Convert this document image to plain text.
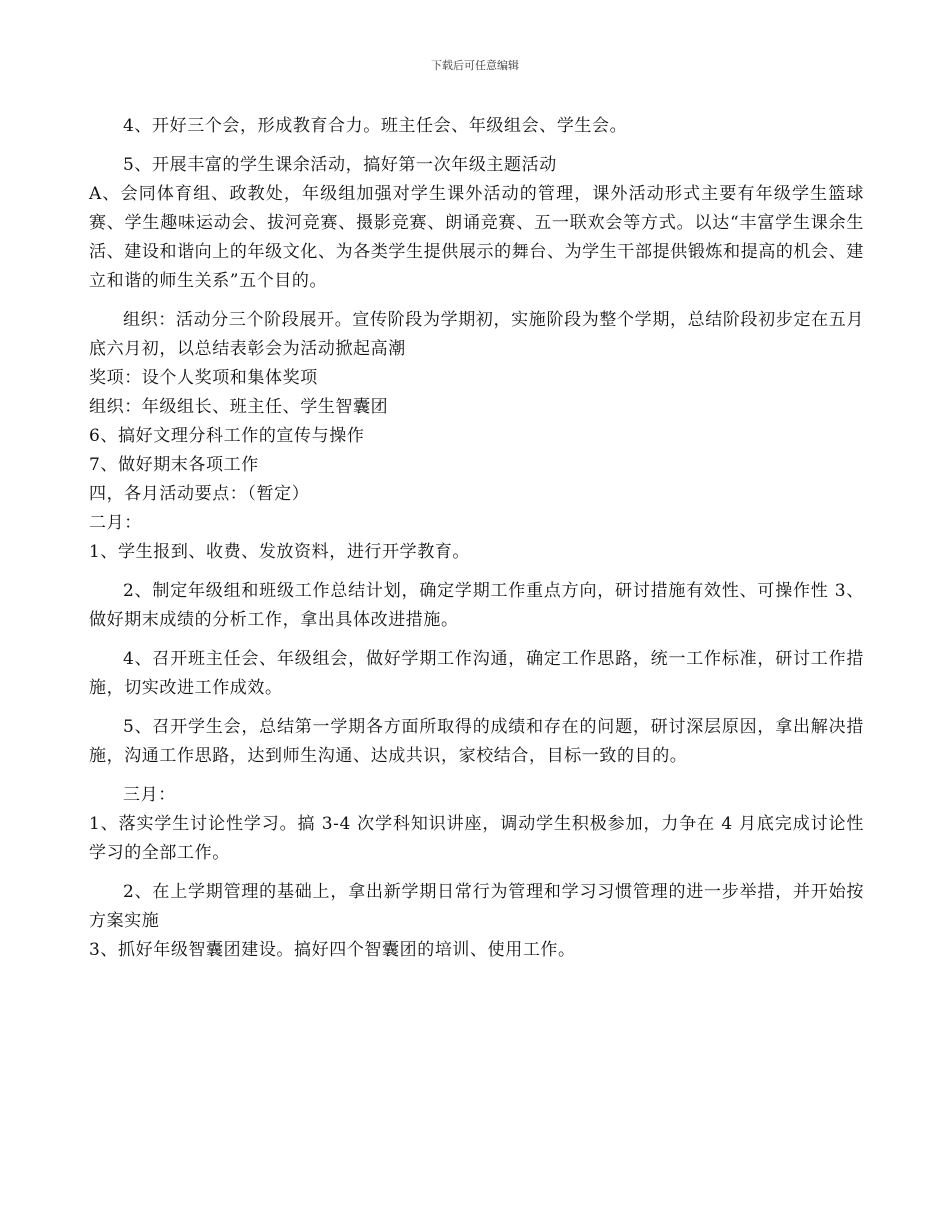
下载后可任意编辑

4、开好三个会，形成教育合力。班主任会、年级组会、学生会。

5、开展丰富的学生课余活动，搞好第一次年级主题活动

A、会同体育组、政教处，年级组加强对学生课外活动的管理，课外活动形式主要有年级学生篮球赛、学生趣味运动会、拔河竞赛、摄影竞赛、朗诵竞赛、五一联欢会等方式。以达“丰富学生课余生活、建设和谐向上的年级文化、为各类学生提供展示的舞台、为学生干部提供锻炼和提高的机会、建立和谐的师生关系”五个目的。

组织：活动分三个阶段展开。宣传阶段为学期初，实施阶段为整个学期，总结阶段初步定在五月底六月初，以总结表彰会为活动掀起高潮

奖项：设个人奖项和集体奖项

组织：年级组长、班主任、学生智囊团

6、搞好文理分科工作的宣传与操作

7、做好期末各项工作

四，各月活动要点：（暂定）

二月：

1、学生报到、收费、发放资料，进行开学教育。

2、制定年级组和班级工作总结计划，确定学期工作重点方向，研讨措施有效性、可操作性 3、做好期末成绩的分析工作，拿出具体改进措施。

4、召开班主任会、年级组会，做好学期工作沟通，确定工作思路，统一工作标准，研讨工作措施，切实改进工作成效。

5、召开学生会，总结第一学期各方面所取得的成绩和存在的问题，研讨深层原因，拿出解决措施，沟通工作思路，达到师生沟通、达成共识，家校结合，目标一致的目的。

三月：

1、落实学生讨论性学习。搞 3-4 次学科知识讲座，调动学生积极参加，力争在 4 月底完成讨论性学习的全部工作。

2、在上学期管理的基础上，拿出新学期日常行为管理和学习习惯管理的进一步举措，并开始按方案实施

3、抓好年级智囊团建设。搞好四个智囊团的培训、使用工作。
